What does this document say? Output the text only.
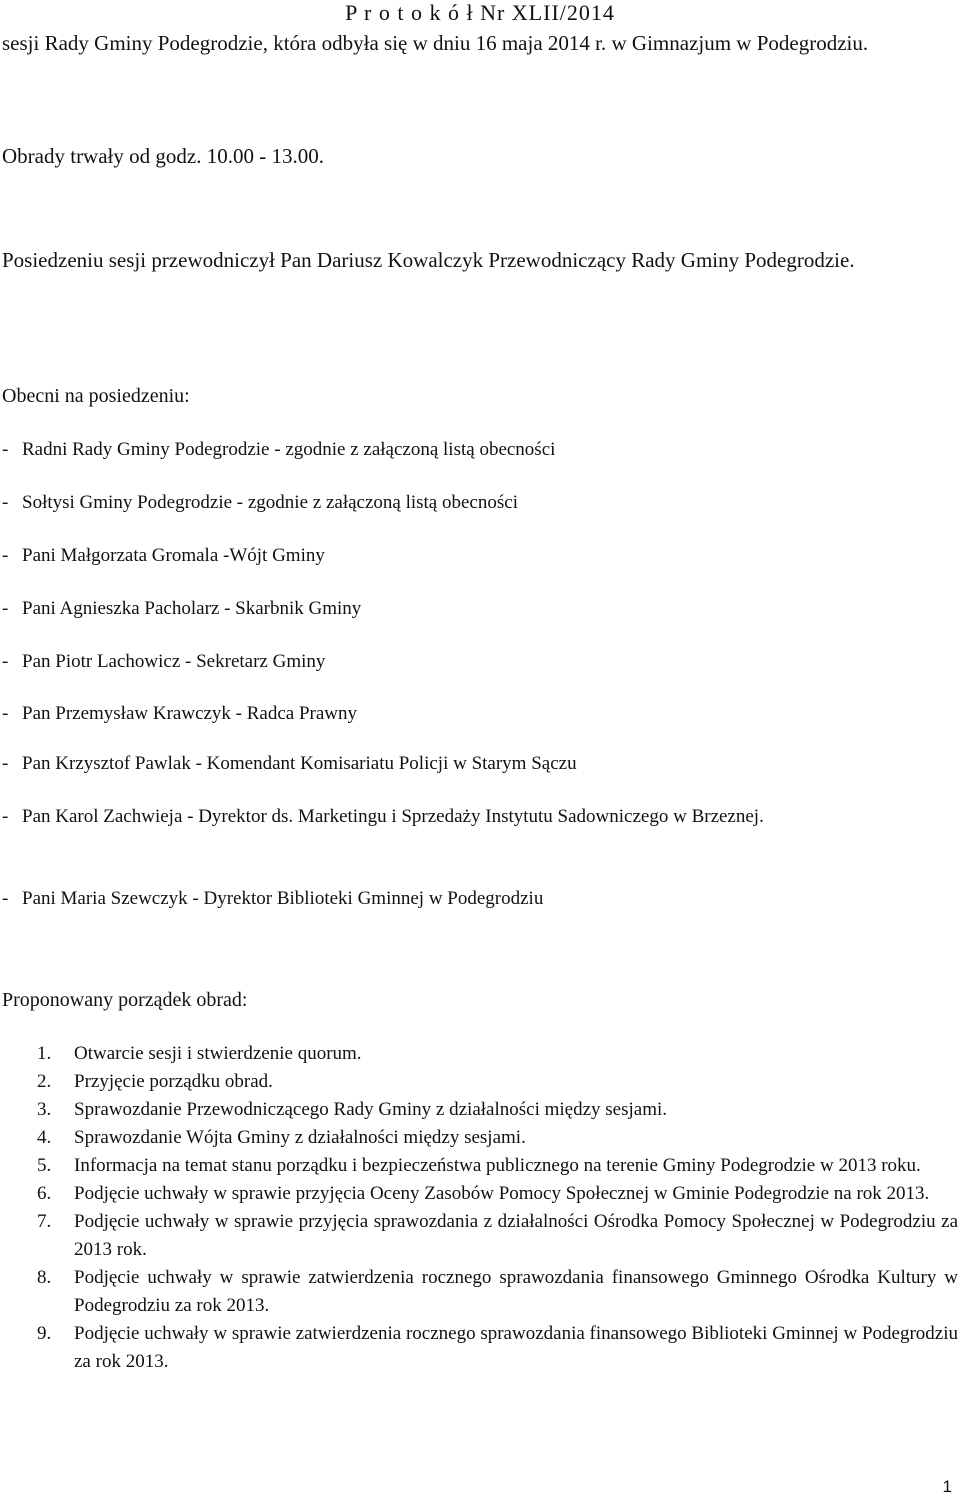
P r o t o k ó ł Nr XLII/2014
sesji Rady Gminy Podegrodzie, która odbyła się w dniu 16 maja 2014 r. w Gimnazjum w Podegrodziu.
Obrady trwały od godz. 10.00 - 13.00.
Posiedzeniu sesji przewodniczył Pan Dariusz Kowalczyk Przewodniczący Rady Gminy Podegrodzie.
Obecni na posiedzeniu:
- Radni Rady Gminy Podegrodzie - zgodnie z załączoną listą obecności
- Sołtysi Gminy Podegrodzie - zgodnie z załączoną listą obecności
- Pani Małgorzata Gromala -Wójt Gminy
- Pani Agnieszka Pacholarz - Skarbnik Gminy
- Pan Piotr Lachowicz - Sekretarz Gminy
- Pan Przemysław Krawczyk - Radca Prawny
- Pan Krzysztof Pawlak - Komendant Komisariatu Policji w Starym Sączu
- Pan Karol Zachwieja - Dyrektor ds. Marketingu i Sprzedaży Instytutu Sadowniczego w Brzeznej.
- Pani Maria Szewczyk - Dyrektor Biblioteki Gminnej w Podegrodziu
Proponowany porządek obrad:
1. Otwarcie sesji i stwierdzenie quorum.
2. Przyjęcie porządku obrad.
3. Sprawozdanie Przewodniczącego Rady Gminy z działalności między sesjami.
4. Sprawozdanie Wójta Gminy z działalności między sesjami.
5. Informacja na temat stanu porządku i bezpieczeństwa publicznego na terenie Gminy Podegrodzie w 2013 roku.
6. Podjęcie uchwały w sprawie przyjęcia Oceny Zasobów Pomocy Społecznej w Gminie Podegrodzie na rok 2013.
7. Podjęcie uchwały w sprawie przyjęcia sprawozdania z działalności Ośrodka Pomocy Społecznej w Podegrodziu za 2013 rok.
8. Podjęcie uchwały w sprawie zatwierdzenia rocznego sprawozdania finansowego Gminnego Ośrodka Kultury w Podegrodziu za rok 2013.
9. Podjęcie uchwały w sprawie zatwierdzenia rocznego sprawozdania finansowego Biblioteki Gminnej w Podegrodziu za rok 2013.
1
